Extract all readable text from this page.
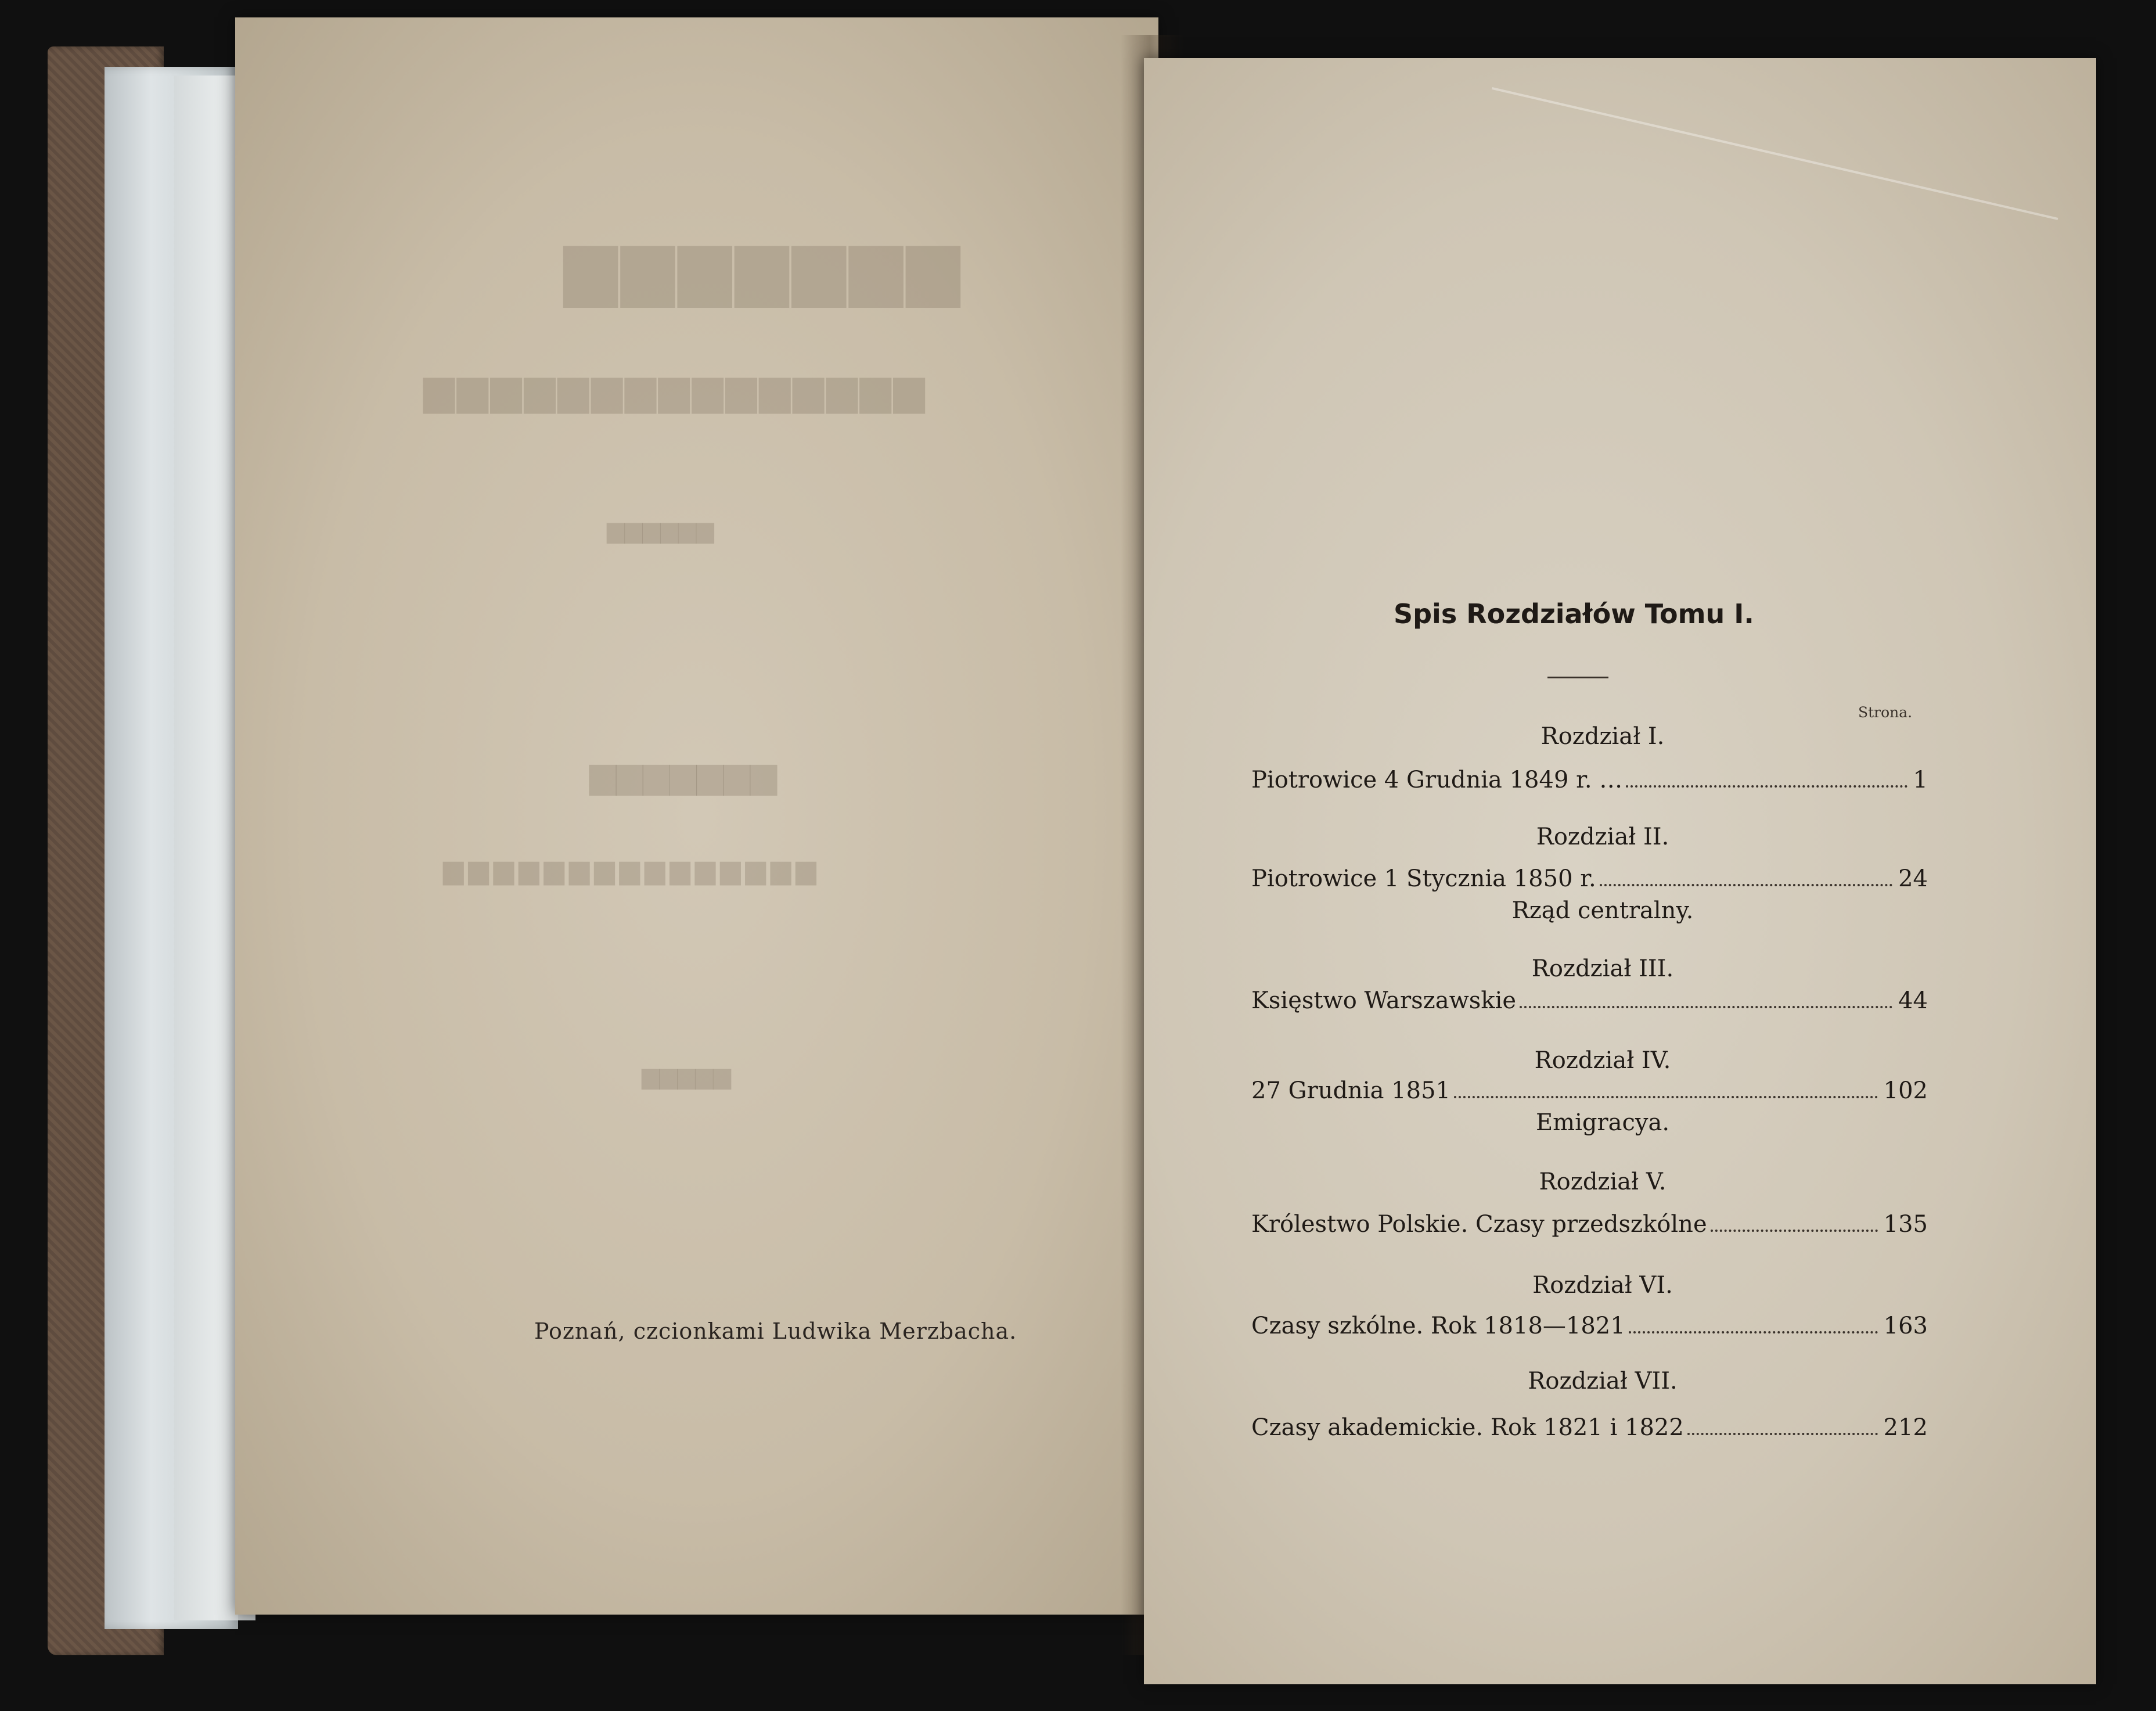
▆▆▆▆▆▆▆
▆▆▆▆▆▆▆▆▆▆▆▆▆▆▆
▆▆▆▆▆▆
▆▆▆▆▆▆▆
▆▆▆▆▆▆▆▆▆▆▆▆▆▆▆
▆▆▆▆▆
Poznań, czcionkami Ludwika Merzbacha.
Spis Rozdziałów Tomu I.
Strona.
Rozdział I.
Piotrowice 4 Grudnia 1849 r. …	1
Rozdział II.
Piotrowice 1 Stycznia 1850 r.	24
Rząd centralny.
Rozdział III.
Księstwo Warszawskie	44
Rozdział IV.
27 Grudnia 1851	102
Emigracya.
Rozdział V.
Królestwo Polskie. Czasy przedszkólne	135
Rozdział VI.
Czasy szkólne. Rok 1818—1821	163
Rozdział VII.
Czasy akademickie. Rok 1821 i 1822	212
